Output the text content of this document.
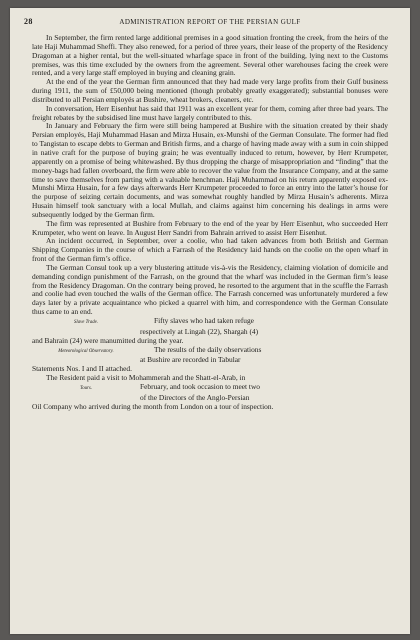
28	ADMINISTRATION REPORT OF THE PERSIAN GULF

In September, the firm rented large additional premises in a good situation fronting the creek, from the heirs of the late Haji Muhammad Sheffi. They also renewed, for a period of three years, their lease of the property of the Residency Dragoman at a higher rental, but the well-situated wharfage space in front of the building, lying next to the Customs premises, was this time excluded by the owners from the agreement. Several other warehouses facing the creek were rented, and a very large staff employed in buying and cleaning grain.

At the end of the year the German firm announced that they had made very large profits from their Gulf business during 1911, the sum of £50,000 being mentioned (though probably greatly exaggerated); substantial bonuses were distributed to all Persian employés at Bushire, wheat brokers, cleaners, etc.

In conversation, Herr Eisenhut has said that 1911 was an excellent year for them, coming after three bad years. The freight rebates by the subsidised line must have largely contributed to this.

In January and February the firm were still being hampered at Bushire with the situation created by their shady Persian employés, Haji Muhammad Hasan and Mirza Husain, ex-Munshi of the German Consulate. The former had fled to Tangistan to escape debts to German and British firms, and a charge of having made away with a sum in coin shipped in native craft for the purpose of buying grain; he was eventually induced to return, however, by Herr Krumpeter, apparently on a promise of being whitewashed. By thus dropping the charge of misappropriation and “finding” that the money-bags had fallen overboard, the firm were able to recover the value from the Insurance Company, and at the same time to save themselves from parting with a valuable henchman. Haji Muhammad on his return apparently exposed ex-Munshi Mirza Husain, for a few days afterwards Herr Krumpeter proceeded to force an entry into the latter’s house for the purpose of seizing certain documents, and was somewhat roughly handled by Mirza Husain’s adherents. Mirza Husain himself took sanctuary with a local Mullah, and claims against him concerning his dealings in arms were subsequently lodged by the German firm.

The firm was represented at Bushire from February to the end of the year by Herr Eisenhut, who succeeded Herr Krumpeter, who went on leave. In August Herr Sandri from Bahrain arrived to assist Herr Eisenhut.

An incident occurred, in September, over a coolie, who had taken advances from both British and German Shipping Companies in the course of which a Farrash of the Residency laid hands on the coolie on the open wharf in front of the German firm’s office.

The German Consul took up a very blustering attitude vis-à-vis the Residency, claiming violation of domicile and demanding condign punishment of the Farrash, on the ground that the wharf was included in the German firm’s lease from the Residency Dragoman. On the contrary being proved, he resorted to the argument that in the scuffle the Farrash and coolie had even touched the walls of the German office. The Farrash concerned was unfortunately murdered a few days later by a private acquaintance who picked a quarrel with him, and correspondence with the German Consulate thus came to an end.

Slave Trade.	Fifty slaves who had taken refuge
respectively at Lingah (22), Shargah (4)

and Bahrain (24) were manumitted during the year.

Meteorological Observatory.	The results of the daily observations
at Bushire are recorded in Tabular

Statements Nos. I and II attached.

The Resident paid a visit to Mohammerah and the Shatt-el-Arab, in

Tours.	February, and took occasion to meet two
of the Directors of the Anglo-Persian

Oil Company who arrived during the month from London on a tour of inspection.
